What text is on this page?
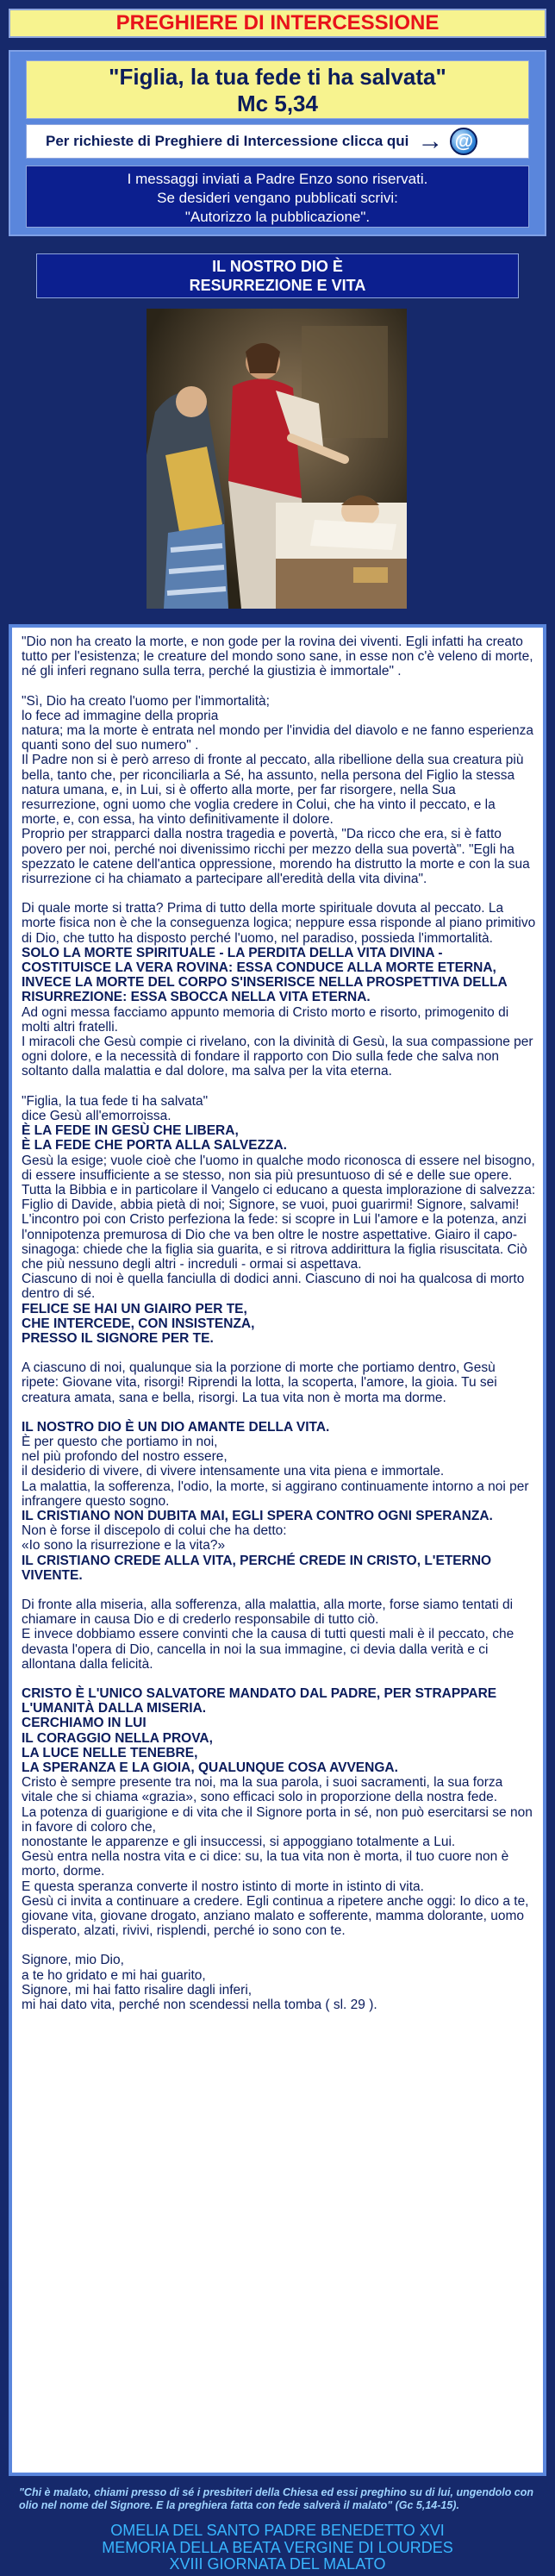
PREGHIERE DI INTERCESSIONE
"Figlia, la tua fede ti ha salvata"
Mc 5,34
Per richieste di Preghiere di Intercessione clicca qui → @
I messaggi inviati a Padre Enzo sono riservati.
Se desideri vengano pubblicati scrivi:
"Autorizzo la pubblicazione".
IL NOSTRO DIO È
RESURREZIONE E VITA

"Dio non ha creato la morte, e non gode per la rovina dei viventi. Egli infatti ha creato tutto per l'esistenza; le creature del mondo sono sane, in esse non c'è veleno di morte, né gli inferi regnano sulla terra, perché la giustizia è immortale" .

"Sì, Dio ha creato l'uomo per l'immortalità;
lo fece ad immagine della propria
natura; ma la morte è entrata nel mondo per l'invidia del diavolo e ne fanno esperienza quanti sono del suo numero" .
Il Padre non si è però arreso di fronte al peccato, alla ribellione della sua creatura più bella, tanto che, per riconciliarla a Sé, ha assunto, nella persona del Figlio la stessa natura umana, e, in Lui, si è offerto alla morte, per far risorgere, nella Sua resurrezione, ogni uomo che voglia credere in Colui, che ha vinto il peccato, e la morte, e, con essa, ha vinto definitivamente il dolore.
Proprio per strapparci dalla nostra tragedia e povertà, "Da ricco che era, si è fatto povero per noi, perché noi divenissimo ricchi per mezzo della sua povertà". "Egli ha spezzato le catene dell'antica oppressione, morendo ha distrutto la morte e con la sua risurrezione ci ha chiamato a partecipare all'eredità della vita divina".

Di quale morte si tratta? Prima di tutto della morte spirituale dovuta al peccato. La morte fisica non è che la conseguenza logica; neppure essa risponde al piano primitivo di Dio, che tutto ha disposto perché l'uomo, nel paradiso, possieda l'immortalità.

SOLO LA MORTE SPIRITUALE - LA PERDITA DELLA VITA DIVINA - COSTITUISCE LA VERA ROVINA: ESSA CONDUCE ALLA MORTE ETERNA, INVECE LA MORTE DEL CORPO S'INSERISCE NELLA PROSPETTIVA DELLA RISURREZIONE: ESSA SBOCCA NELLA VITA ETERNA.

Ad ogni messa facciamo appunto memoria di Cristo morto e risorto, primogenito di molti altri fratelli.
I miracoli che Gesù compie ci rivelano, con la divinità di Gesù, la sua compassione per ogni dolore, e la necessità di fondare il rapporto con Dio sulla fede che salva non soltanto dalla malattia e dal dolore, ma salva per la vita eterna.

"Figlia, la tua fede ti ha salvata"
dice Gesù all'emorroissa.

È LA FEDE IN GESÙ CHE LIBERA,
È LA FEDE CHE PORTA ALLA SALVEZZA.

Gesù la esige; vuole cioè che l'uomo in qualche modo riconosca di essere nel bisogno, di essere insufficiente a se stesso, non sia più presuntuoso di sé e delle sue opere.
Tutta la Bibbia e in particolare il Vangelo ci educano a questa implorazione di salvezza: Figlio di Davide, abbia pietà di noi; Signore, se vuoi, puoi guarirmi! Signore, salvami!
L'incontro poi con Cristo perfeziona la fede: si scopre in Lui l'amore e la potenza, anzi l'onnipotenza premurosa di Dio che va ben oltre le nostre aspettative. Giairo il capo-sinagoga: chiede che la figlia sia guarita, e si ritrova addirittura la figlia risuscitata. Ciò che più nessuno degli altri - increduli - ormai si aspettava.
Ciascuno di noi è quella fanciulla di dodici anni. Ciascuno di noi ha qualcosa di morto dentro di sé.

FELICE SE HAI UN GIAIRO PER TE,
CHE INTERCEDE, CON INSISTENZA,
PRESSO IL SIGNORE PER TE.

A ciascuno di noi, qualunque sia la porzione di morte che portiamo dentro, Gesù ripete: Giovane vita, risorgi! Riprendi la lotta, la scoperta, l'amore, la gioia. Tu sei creatura amata, sana e bella, risorgi. La tua vita non è morta ma dorme.

IL NOSTRO DIO È UN DIO AMANTE DELLA VITA.

È per questo che portiamo in noi,
nel più profondo del nostro essere,
il desiderio di vivere, di vivere intensamente una vita piena e immortale.
La malattia, la sofferenza, l'odio, la morte, si aggirano continuamente intorno a noi per infrangere questo sogno.

IL CRISTIANO NON DUBITA MAI, EGLI SPERA CONTRO OGNI SPERANZA.

Non è forse il discepolo di colui che ha detto:
«Io sono la risurrezione e la vita?»

IL CRISTIANO CREDE ALLA VITA, PERCHÉ CREDE IN CRISTO, L'ETERNO VIVENTE.

Di fronte alla miseria, alla sofferenza, alla malattia, alla morte, forse siamo tentati di chiamare in causa Dio e di crederlo responsabile di tutto ciò.
E invece dobbiamo essere convinti che la causa di tutti questi mali è il peccato, che devasta l'opera di Dio, cancella in noi la sua immagine, ci devia dalla verità e ci allontana dalla felicità.

CRISTO È L'UNICO SALVATORE MANDATO DAL PADRE, PER STRAPPARE L'UMANITÀ DALLA MISERIA.
CERCHIAMO IN LUI
IL CORAGGIO NELLA PROVA,
LA LUCE NELLE TENEBRE,
LA SPERANZA E LA GIOIA, QUALUNQUE COSA AVVENGA.

Cristo è sempre presente tra noi, ma la sua parola, i suoi sacramenti, la sua forza vitale che si chiama «grazia», sono efficaci solo in proporzione della nostra fede.
La potenza di guarigione e di vita che il Signore porta in sé, non può esercitarsi se non in favore di coloro che,
nonostante le apparenze e gli insuccessi, si appoggiano totalmente a Lui.
Gesù entra nella nostra vita e ci dice: su, la tua vita non è morta, il tuo cuore non è morto, dorme.
E questa speranza converte il nostro istinto di morte in istinto di vita.
Gesù ci invita a continuare a credere. Egli continua a ripetere anche oggi: Io dico a te, giovane vita, giovane drogato, anziano malato e sofferente, mamma dolorante, uomo disperato, alzati, rivivi, risplendi, perché io sono con te.

Signore, mio Dio,
a te ho gridato e mi hai guarito,
Signore, mi hai fatto risalire dagli inferi,
mi hai dato vita, perché non scendessi nella tomba ( sl. 29 ).

"Chi è malato, chiami presso di sé i presbiteri della Chiesa ed essi preghino su di lui, ungendolo con olio nel nome del Signore. E la preghiera fatta con fede salverà il malato" (Gc 5,14-15).
OMELIA DEL SANTO PADRE BENEDETTO XVI
MEMORIA DELLA BEATA VERGINE DI LOURDES
XVIII GIORNATA DEL MALATO
